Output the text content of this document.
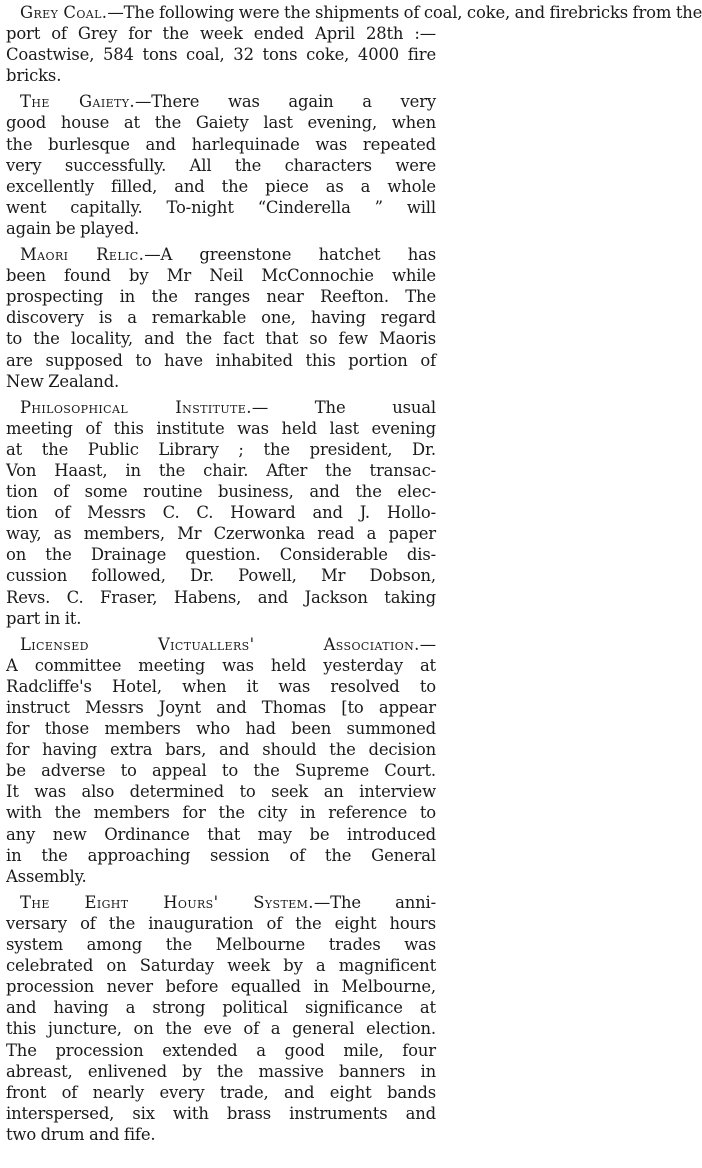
Grey Coal.—The following were the shipments of coal, coke, and firebricks from the
port of Grey for the week ended April 28th :—
Coastwise, 584 tons coal, 32 tons coke, 4000 fire
bricks.
The Gaiety.—There was again a very
good house at the Gaiety last evening, when
the burlesque and harlequinade was repeated
very successfully. All the characters were
excellently filled, and the piece as a whole
went capitally. To-night “Cinderella ” will
again be played.
Maori Relic.—A greenstone hatchet has
been found by Mr Neil McConnochie while
prospecting in the ranges near Reefton. The
discovery is a remarkable one, having regard
to the locality, and the fact that so few Maoris
are supposed to have inhabited this portion of
New Zealand.
Philosophical Institute.— The usual
meeting of this institute was held last evening
at the Public Library ; the president, Dr.
Von Haast, in the chair. After the transac-
tion of some routine business, and the elec-
tion of Messrs C. C. Howard and J. Hollo-
way, as members, Mr Czerwonka read a paper
on the Drainage question. Considerable dis-
cussion followed, Dr. Powell, Mr Dobson,
Revs. C. Fraser, Habens, and Jackson taking
part in it.
Licensed Victuallers' Association.—
A committee meeting was held yesterday at
Radcliffe's Hotel, when it was resolved to
instruct Messrs Joynt and Thomas [to appear
for those members who had been summoned
for having extra bars, and should the decision
be adverse to appeal to the Supreme Court.
It was also determined to seek an interview
with the members for the city in reference to
any new Ordinance that may be introduced
in the approaching session of the General
Assembly.
The Eight Hours' System.—The anni-
versary of the inauguration of the eight hours
system among the Melbourne trades was
celebrated on Saturday week by a magnificent
procession never before equalled in Melbourne,
and having a strong political significance at
this juncture, on the eve of a general election.
The procession extended a good mile, four
abreast, enlivened by the massive banners in
front of nearly every trade, and eight bands
interspersed, six with brass instruments and
two drum and fife.
